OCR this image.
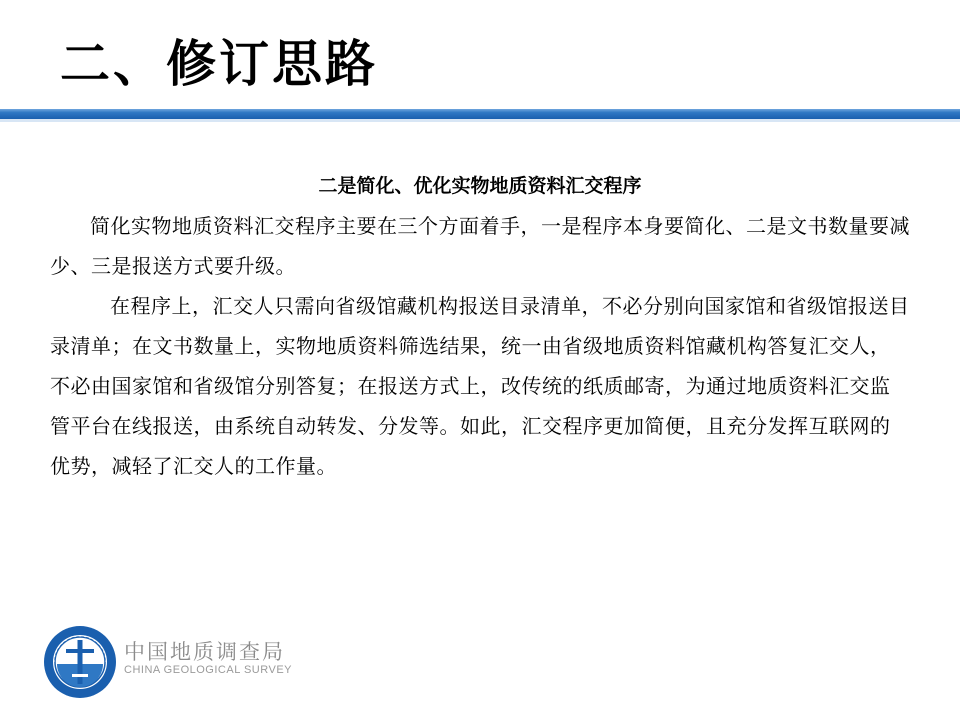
二、修订思路

二是简化、优化实物地质资料汇交程序

简化实物地质资料汇交程序主要在三个方面着手，一是程序本身要简化、二是文书数量要减少、三是报送方式要升级。

在程序上，汇交人只需向省级馆藏机构报送目录清单，不必分别向国家馆和省级馆报送目录清单；在文书数量上，实物地质资料筛选结果，统一由省级地质资料馆藏机构答复汇交人，不必由国家馆和省级馆分别答复；在报送方式上，改传统的纸质邮寄，为通过地质资料汇交监管平台在线报送，由系统自动转发、分发等。如此，汇交程序更加简便，且充分发挥互联网的优势，减轻了汇交人的工作量。

中国地质调查局
CHINA GEOLOGICAL SURVEY
